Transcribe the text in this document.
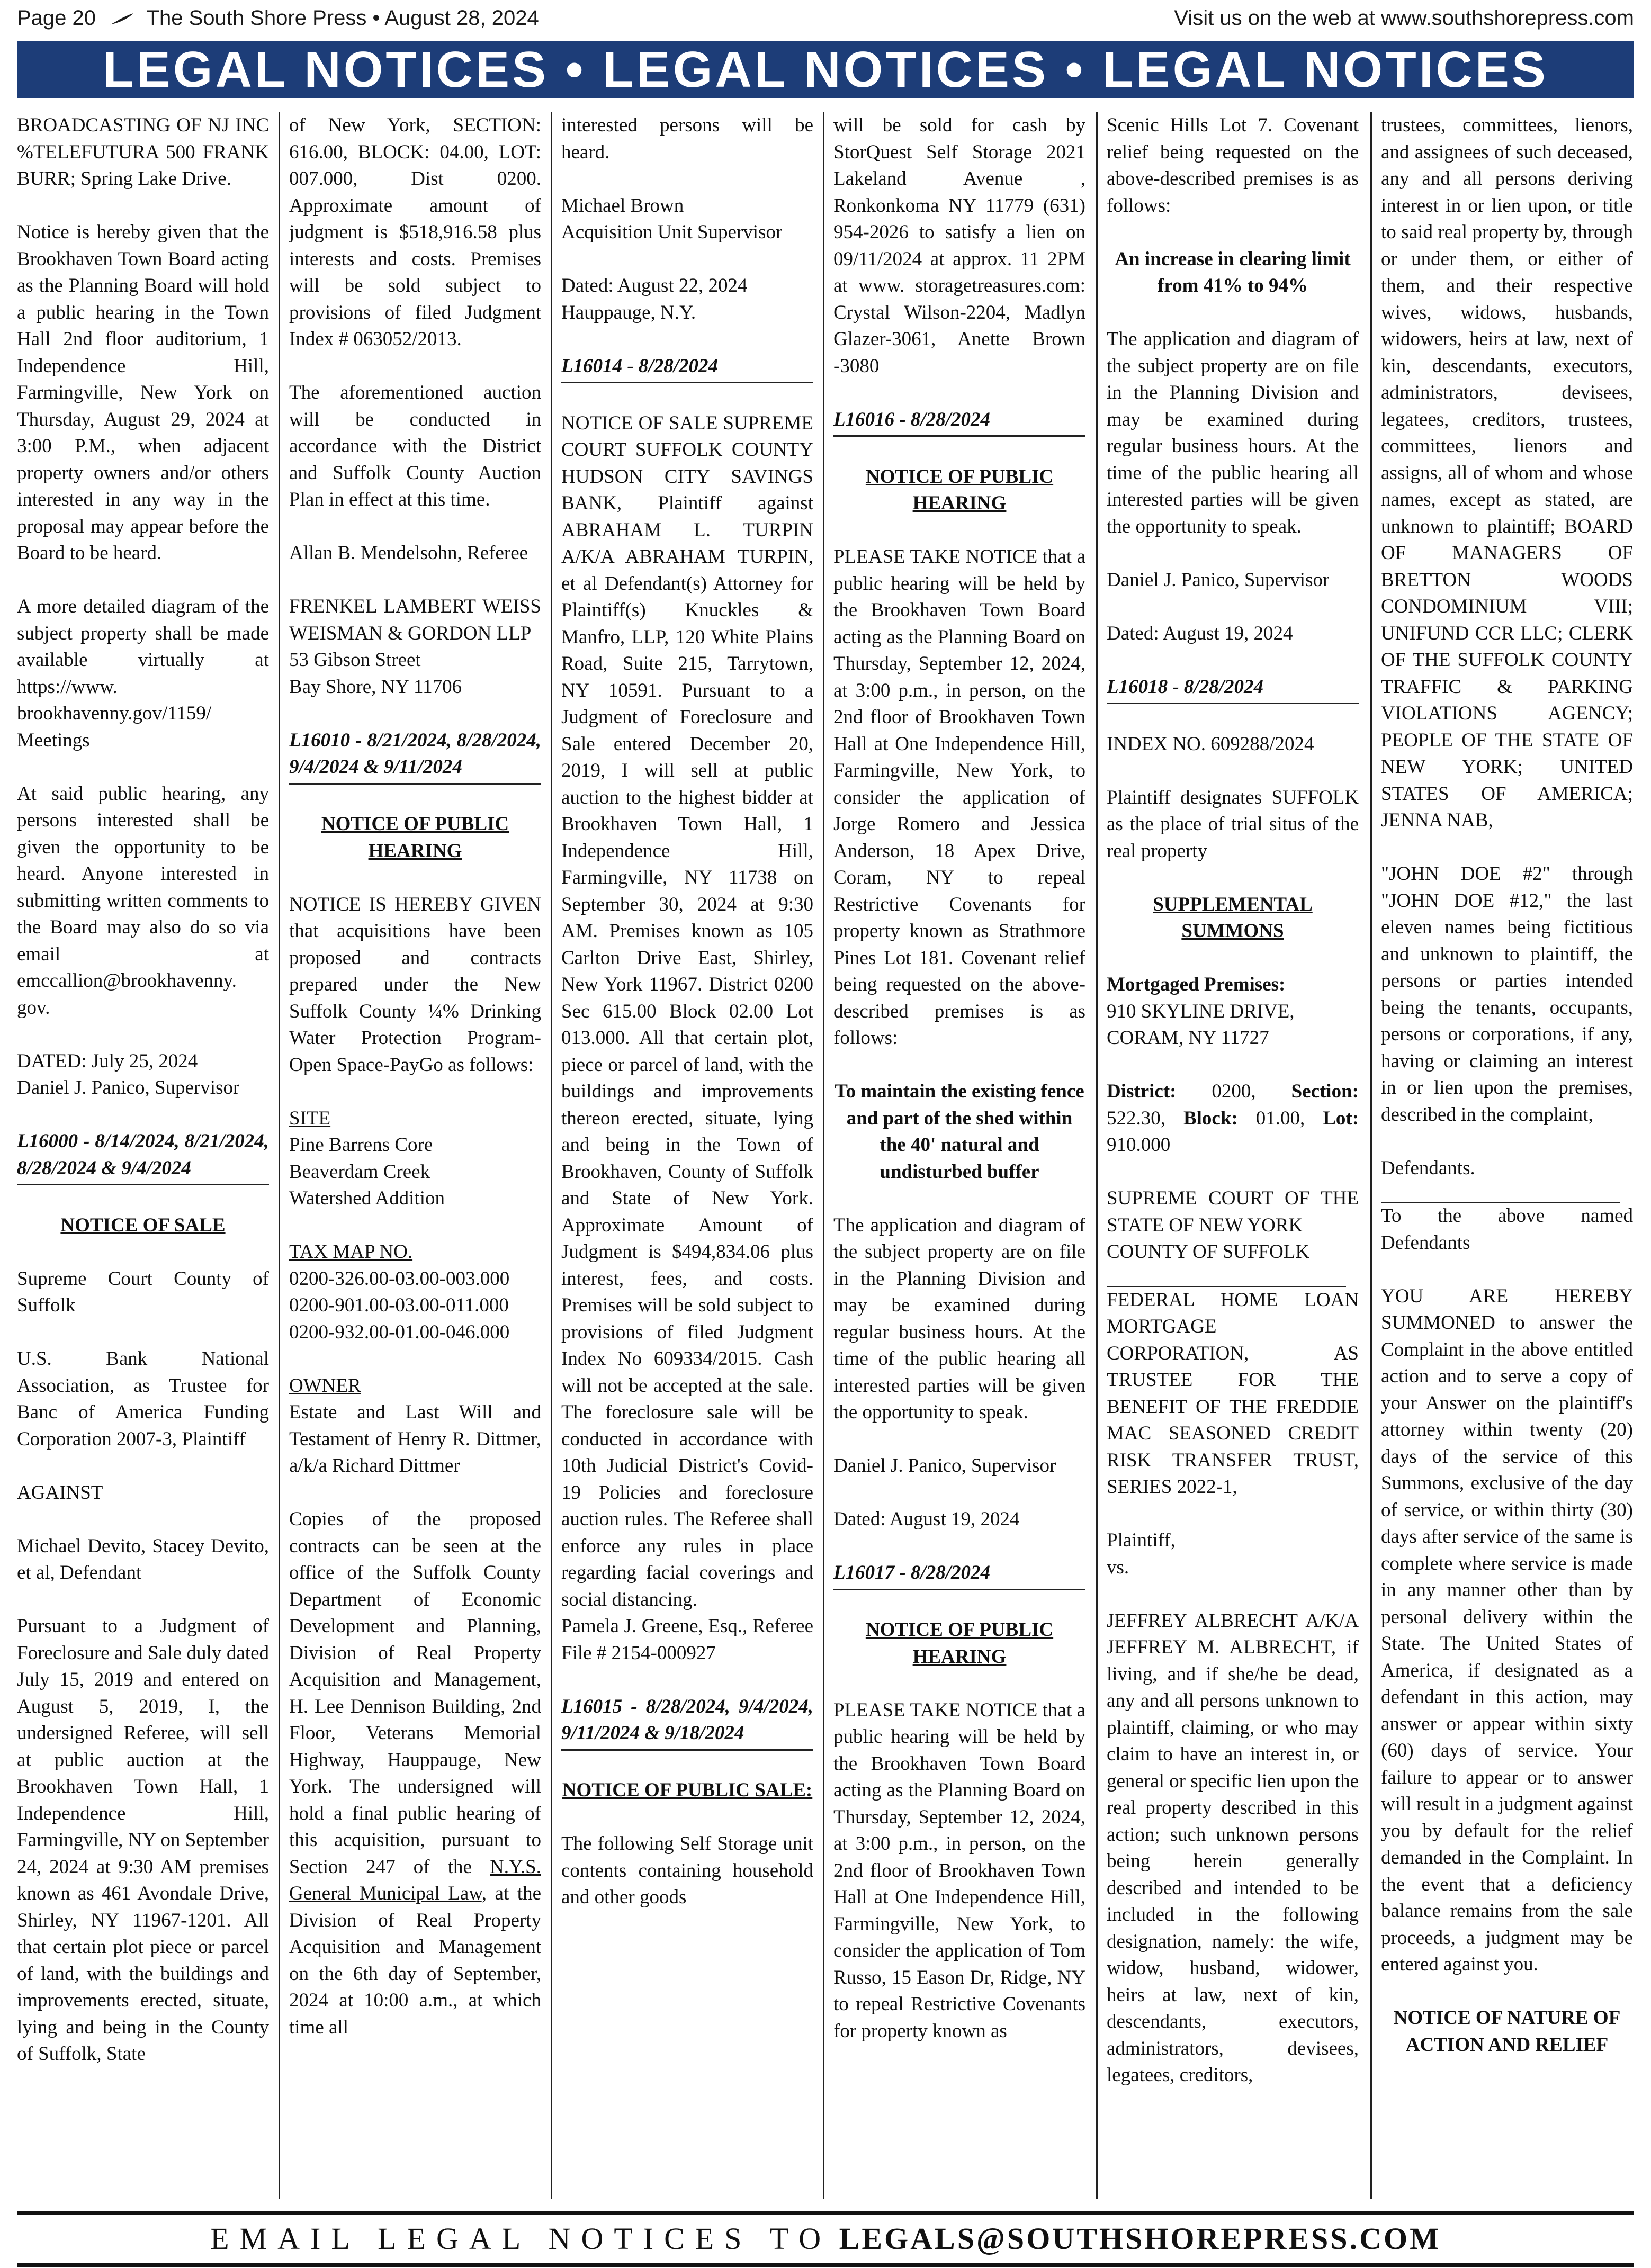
Page 20 The South Shore Press • August 28, 2024	Visit us on the web at www.southshorepress.com
LEGAL NOTICES • LEGAL NOTICES • LEGAL NOTICES

BROADCASTING OF NJ INC %TELEFUTURA 500 FRANK BURR; Spring Lake Drive.

Notice is hereby given that the Brookhaven Town Board acting as the Planning Board will hold a public hearing in the Town Hall 2nd floor auditorium, 1 Independence Hill, Farmingville, New York on Thursday, August 29, 2024 at 3:00 P.M., when adjacent property owners and/or others interested in any way in the proposal may appear before the Board to be heard.

A more detailed diagram of the subject property shall be made available virtually at https://www. brookhavenny.gov/1159/ Meetings

At said public hearing, any persons interested shall be given the opportunity to be heard. Anyone interested in submitting written comments to the Board may also do so via email at emccallion@brookhavenny. gov.

DATED: July 25, 2024

Daniel J. Panico, Supervisor

L16000 - 8/14/2024, 8/21/2024, 8/28/2024 & 9/4/2024
NOTICE OF SALE

Supreme Court County of Suffolk

U.S. Bank National Association, as Trustee for Banc of America Funding Corporation 2007-3, Plaintiff

AGAINST

Michael Devito, Stacey Devito, et al, Defendant

Pursuant to a Judgment of Foreclosure and Sale duly dated July 15, 2019 and entered on August 5, 2019, I, the undersigned Referee, will sell at public auction at the Brookhaven Town Hall, 1 Independence Hill, Farmingville, NY on September 24, 2024 at 9:30 AM premises known as 461 Avondale Drive, Shirley, NY 11967-1201. All that certain plot piece or parcel of land, with the buildings and improvements erected, situate, lying and being in the County of Suffolk, State

of New York, SECTION: 616.00, BLOCK: 04.00, LOT: 007.000, Dist 0200. Approximate amount of judgment is $518,916.58 plus interests and costs. Premises will be sold subject to provisions of filed Judgment Index # 063052/2013.

The aforementioned auction will be conducted in accordance with the District and Suffolk County Auction Plan in effect at this time.

Allan B. Mendelsohn, Referee

FRENKEL LAMBERT WEISS WEISMAN & GORDON LLP

53 Gibson Street

Bay Shore, NY 11706

L16010 - 8/21/2024, 8/28/2024, 9/4/2024 & 9/11/2024
NOTICE OF PUBLIC HEARING

NOTICE IS HEREBY GIVEN that acquisitions have been proposed and contracts prepared under the New Suffolk County ¼% Drinking Water Protection Program-Open Space-PayGo as follows:

SITE

Pine Barrens Core

Beaverdam Creek

Watershed Addition

TAX MAP NO.

0200-326.00-03.00-003.000

0200-901.00-03.00-011.000

0200-932.00-01.00-046.000

OWNER

Estate and Last Will and Testament of Henry R. Dittmer, a/k/a Richard Dittmer

Copies of the proposed contracts can be seen at the office of the Suffolk County Department of Economic Development and Planning, Division of Real Property Acquisition and Management, H. Lee Dennison Building, 2nd Floor, Veterans Memorial Highway, Hauppauge, New York. The undersigned will hold a final public hearing of this acquisition, pursuant to Section 247 of the N.Y.S. General Municipal Law, at the Division of Real Property Acquisition and Management on the 6th day of September, 2024 at 10:00 a.m., at which time all

interested persons will be heard.

Michael Brown

Acquisition Unit Supervisor

Dated: August 22, 2024

Hauppauge, N.Y.

L16014 - 8/28/2024

NOTICE OF SALE SUPREME COURT SUFFOLK COUNTY HUDSON CITY SAVINGS BANK, Plaintiff against ABRAHAM L. TURPIN A/K/A ABRAHAM TURPIN, et al Defendant(s) Attorney for Plaintiff(s) Knuckles & Manfro, LLP, 120 White Plains Road, Suite 215, Tarrytown, NY 10591. Pursuant to a Judgment of Foreclosure and Sale entered December 20, 2019, I will sell at public auction to the highest bidder at Brookhaven Town Hall, 1 Independence Hill, Farmingville, NY 11738 on September 30, 2024 at 9:30 AM. Premises known as 105 Carlton Drive East, Shirley, New York 11967. District 0200 Sec 615.00 Block 02.00 Lot 013.000. All that certain plot, piece or parcel of land, with the buildings and improvements thereon erected, situate, lying and being in the Town of Brookhaven, County of Suffolk and State of New York. Approximate Amount of Judgment is $494,834.06 plus interest, fees, and costs. Premises will be sold subject to provisions of filed Judgment Index No 609334/2015. Cash will not be accepted at the sale. The foreclosure sale will be conducted in accordance with 10th Judicial District's Covid-19 Policies and foreclosure auction rules. The Referee shall enforce any rules in place regarding facial coverings and social distancing.

Pamela J. Greene, Esq., Referee File # 2154-000927

L16015 - 8/28/2024, 9/4/2024, 9/11/2024 & 9/18/2024
NOTICE OF PUBLIC SALE:

The following Self Storage unit contents containing household and other goods

will be sold for cash by StorQuest Self Storage 2021 Lakeland Avenue , Ronkonkoma NY 11779 (631) 954-2026 to satisfy a lien on 09/11/2024 at approx. 11 2PM at www. storagetreasures.com: Crystal Wilson-2204, Madlyn Glazer-3061, Anette Brown -3080

L16016 - 8/28/2024
NOTICE OF PUBLIC HEARING

PLEASE TAKE NOTICE that a public hearing will be held by the Brookhaven Town Board acting as the Planning Board on Thursday, September 12, 2024, at 3:00 p.m., in person, on the 2nd floor of Brookhaven Town Hall at One Independence Hill, Farmingville, New York, to consider the application of Jorge Romero and Jessica Anderson, 18 Apex Drive, Coram, NY to repeal Restrictive Covenants for property known as Strathmore Pines Lot 181. Covenant relief being requested on the above-described premises is as follows:

To maintain the existing fence and part of the shed within the 40' natural and undisturbed buffer

The application and diagram of the subject property are on file in the Planning Division and may be examined during regular business hours. At the time of the public hearing all interested parties will be given the opportunity to speak.

Daniel J. Panico, Supervisor

Dated: August 19, 2024

L16017 - 8/28/2024
NOTICE OF PUBLIC HEARING

PLEASE TAKE NOTICE that a public hearing will be held by the Brookhaven Town Board acting as the Planning Board on Thursday, September 12, 2024, at 3:00 p.m., in person, on the 2nd floor of Brookhaven Town Hall at One Independence Hill, Farmingville, New York, to consider the application of Tom Russo, 15 Eason Dr, Ridge, NY to repeal Restrictive Covenants for property known as

Scenic Hills Lot 7. Covenant relief being requested on the above-described premises is as follows:

An increase in clearing limit from 41% to 94%

The application and diagram of the subject property are on file in the Planning Division and may be examined during regular business hours. At the time of the public hearing all interested parties will be given the opportunity to speak.

Daniel J. Panico, Supervisor

Dated: August 19, 2024

L16018 - 8/28/2024

INDEX NO. 609288/2024

Plaintiff designates SUFFOLK as the place of trial situs of the real property

SUPPLEMENTAL SUMMONS

Mortgaged Premises:

910 SKYLINE DRIVE,

CORAM, NY 11727

District: 0200, Section: 522.30, Block: 01.00, Lot: 910.000

SUPREME COURT OF THE STATE OF NEW YORK

COUNTY OF SUFFOLK

FEDERAL HOME LOAN MORTGAGE CORPORATION, AS TRUSTEE FOR THE BENEFIT OF THE FREDDIE MAC SEASONED CREDIT RISK TRANSFER TRUST, SERIES 2022-1,

Plaintiff,

vs.

JEFFREY ALBRECHT A/K/A JEFFREY M. ALBRECHT, if living, and if she/he be dead, any and all persons unknown to plaintiff, claiming, or who may claim to have an interest in, or general or specific lien upon the real property described in this action; such unknown persons being herein generally described and intended to be included in the following designation, namely: the wife, widow, husband, widower, heirs at law, next of kin, descendants, executors, administrators, devisees, legatees, creditors,

trustees, committees, lienors, and assignees of such deceased, any and all persons deriving interest in or lien upon, or title to said real property by, through or under them, or either of them, and their respective wives, widows, husbands, widowers, heirs at law, next of kin, descendants, executors, administrators, devisees, legatees, creditors, trustees, committees, lienors and assigns, all of whom and whose names, except as stated, are unknown to plaintiff; BOARD OF MANAGERS OF BRETTON WOODS CONDOMINIUM VIII; UNIFUND CCR LLC; CLERK OF THE SUFFOLK COUNTY TRAFFIC & PARKING VIOLATIONS AGENCY; PEOPLE OF THE STATE OF NEW YORK; UNITED STATES OF AMERICA; JENNA NAB,

"JOHN DOE #2" through "JOHN DOE #12," the last eleven names being fictitious and unknown to plaintiff, the persons or parties intended being the tenants, occupants, persons or corporations, if any, having or claiming an interest in or lien upon the premises, described in the complaint,

Defendants.

To the above named Defendants

YOU ARE HEREBY SUMMONED to answer the Complaint in the above entitled action and to serve a copy of your Answer on the plaintiff's attorney within twenty (20) days of the service of this Summons, exclusive of the day of service, or within thirty (30) days after service of the same is complete where service is made in any manner other than by personal delivery within the State. The United States of America, if designated as a defendant in this action, may answer or appear within sixty (60) days of service. Your failure to appear or to answer will result in a judgment against you by default for the relief demanded in the Complaint. In the event that a deficiency balance remains from the sale proceeds, a judgment may be entered against you.

NOTICE OF NATURE OF ACTION AND RELIEF
EMAIL LEGAL NOTICES TO LEGALS@SOUTHSHOREPRESS.COM
